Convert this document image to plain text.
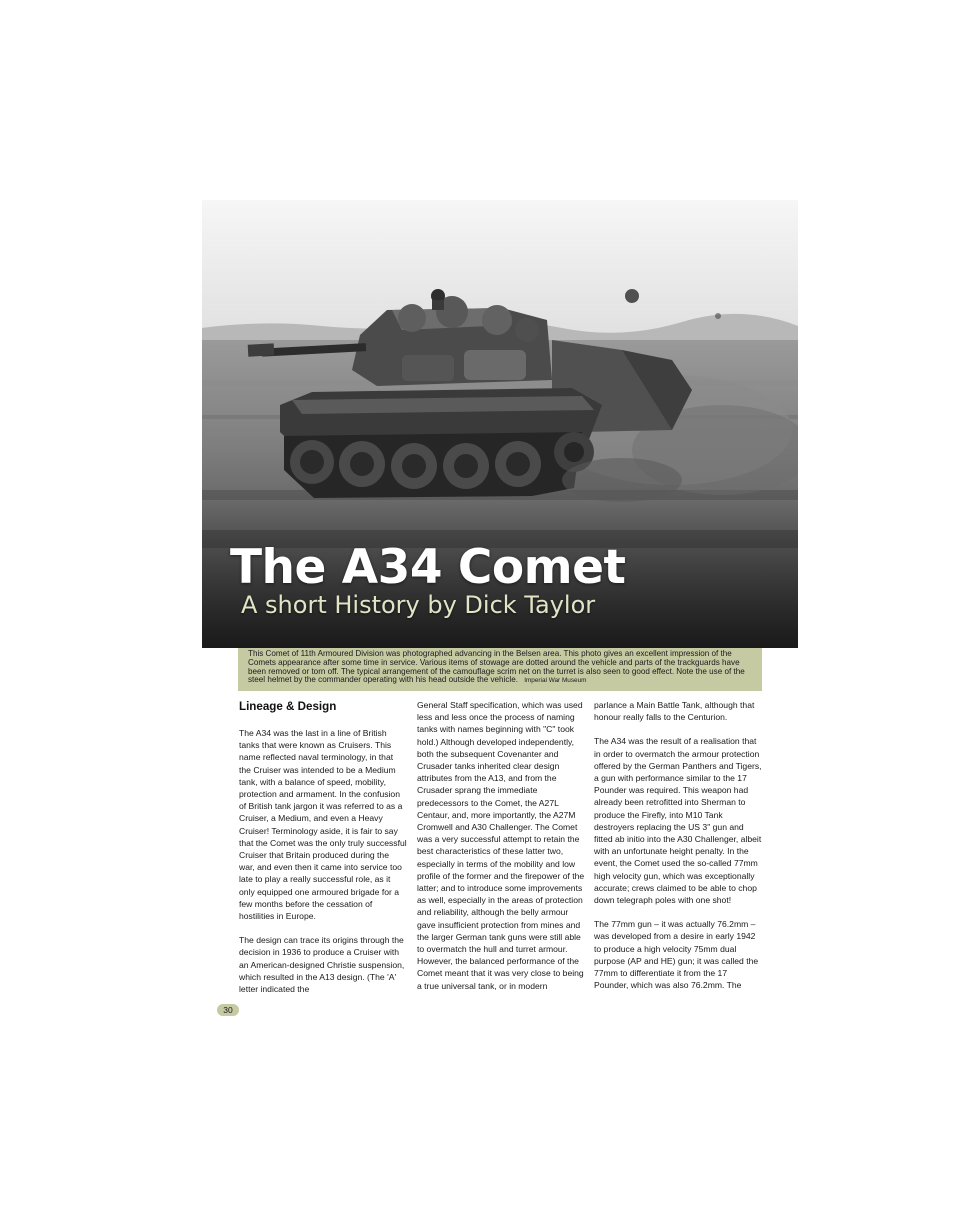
The A34 Comet
A short History by Dick Taylor
This Comet of 11th Armoured Division was photographed advancing in the Belsen area. This photo gives an excellent impression of the Comets appearance after some time in service. Various items of stowage are dotted around the vehicle and parts of the trackguards have been removed or torn off. The typical arrangement of the camouflage scrim net on the turret is also seen to good effect. Note the use of the steel helmet by the commander operating with his head outside the vehicle. Imperial War Museum
Lineage & Design

The A34 was the last in a line of British tanks that were known as Cruisers. This name reflected naval terminology, in that the Cruiser was intended to be a Medium tank, with a balance of speed, mobility, protection and armament. In the confusion of British tank jargon it was referred to as a Cruiser, a Medium, and even a Heavy Cruiser! Terminology aside, it is fair to say that the Comet was the only truly successful Cruiser that Britain produced during the war, and even then it came into service too late to play a really successful role, as it only equipped one armoured brigade for a few months before the cessation of hostilities in Europe.

The design can trace its origins through the decision in 1936 to produce a Cruiser with an American-designed Christie suspension, which resulted in the A13 design. (The 'A' letter indicated the

General Staff specification, which was used less and less once the process of naming tanks with names beginning with "C" took hold.) Although developed independently, both the subsequent Covenanter and Crusader tanks inherited clear design attributes from the A13, and from the Crusader sprang the immediate predecessors to the Comet, the A27L Centaur, and, more importantly, the A27M Cromwell and A30 Challenger. The Comet was a very successful attempt to retain the best characteristics of these latter two, especially in terms of the mobility and low profile of the former and the firepower of the latter; and to introduce some improvements as well, especially in the areas of protection and reliability, although the belly armour gave insufficient protection from mines and the larger German tank guns were still able to overmatch the hull and turret armour. However, the balanced performance of the Comet meant that it was very close to being a true universal tank, or in modern

parlance a Main Battle Tank, although that honour really falls to the Centurion.

The A34 was the result of a realisation that in order to overmatch the armour protection offered by the German Panthers and Tigers, a gun with performance similar to the 17 Pounder was required. This weapon had already been retrofitted into Sherman to produce the Firefly, into M10 Tank destroyers replacing the US 3" gun and fitted ab initio into the A30 Challenger, albeit with an unfortunate height penalty. In the event, the Comet used the so-called 77mm high velocity gun, which was exceptionally accurate; crews claimed to be able to chop down telegraph poles with one shot!

The 77mm gun – it was actually 76.2mm – was developed from a desire in early 1942 to produce a high velocity 75mm dual purpose (AP and HE) gun; it was called the 77mm to differentiate it from the 17 Pounder, which was also 76.2mm. The

30
